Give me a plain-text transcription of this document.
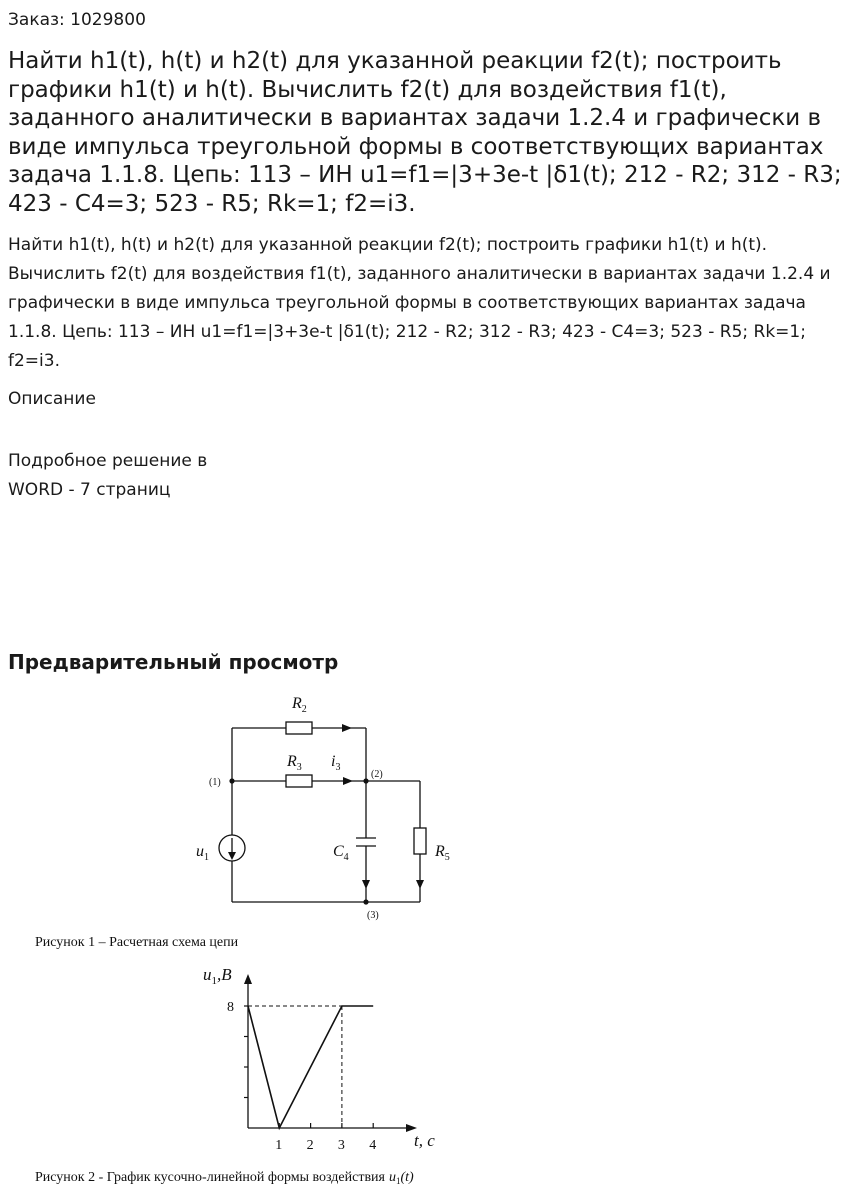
Заказ: 1029800
Найти h1(t), h(t) и h2(t) для указанной реакции f2(t); построить графики h1(t) и h(t). Вычислить f2(t) для воздействия f1(t), заданного аналитически в вариантах задачи 1.2.4 и графически в виде импульса треугольной формы в соответствующих вариантах задача 1.1.8. Цепь: 113 – ИН u1=f1=|3+3e-t |δ1(t); 212 - R2; 312 - R3; 423 - C4=3; 523 - R5; Rk=1; f2=i3.

Найти h1(t), h(t) и h2(t) для указанной реакции f2(t); построить графики h1(t) и h(t). Вычислить f2(t) для воздействия f1(t), заданного аналитически в вариантах задачи 1.2.4 и графически в виде импульса треугольной формы в соответствующих вариантах задача 1.1.8. Цепь: 113 – ИН u1=f1=|3+3e-t |δ1(t); 212 - R2; 312 - R3; 423 - C4=3; 523 - R5; Rk=1; f2=i3.

Описание
Подробное решение в
WORD - 7 страниц
Предварительный просмотр
$R_2$
$R_3$ $i_3$
$C_4$	$R_5$
$u_1$
(1)
(2)
(3)
Рисунок 1 – Расчетная схема цепи
1 2 3 4
8
$u_1,B$
t, c
Рисунок 2 - График кусочно-линейной формы воздействия $u_1(t)$
